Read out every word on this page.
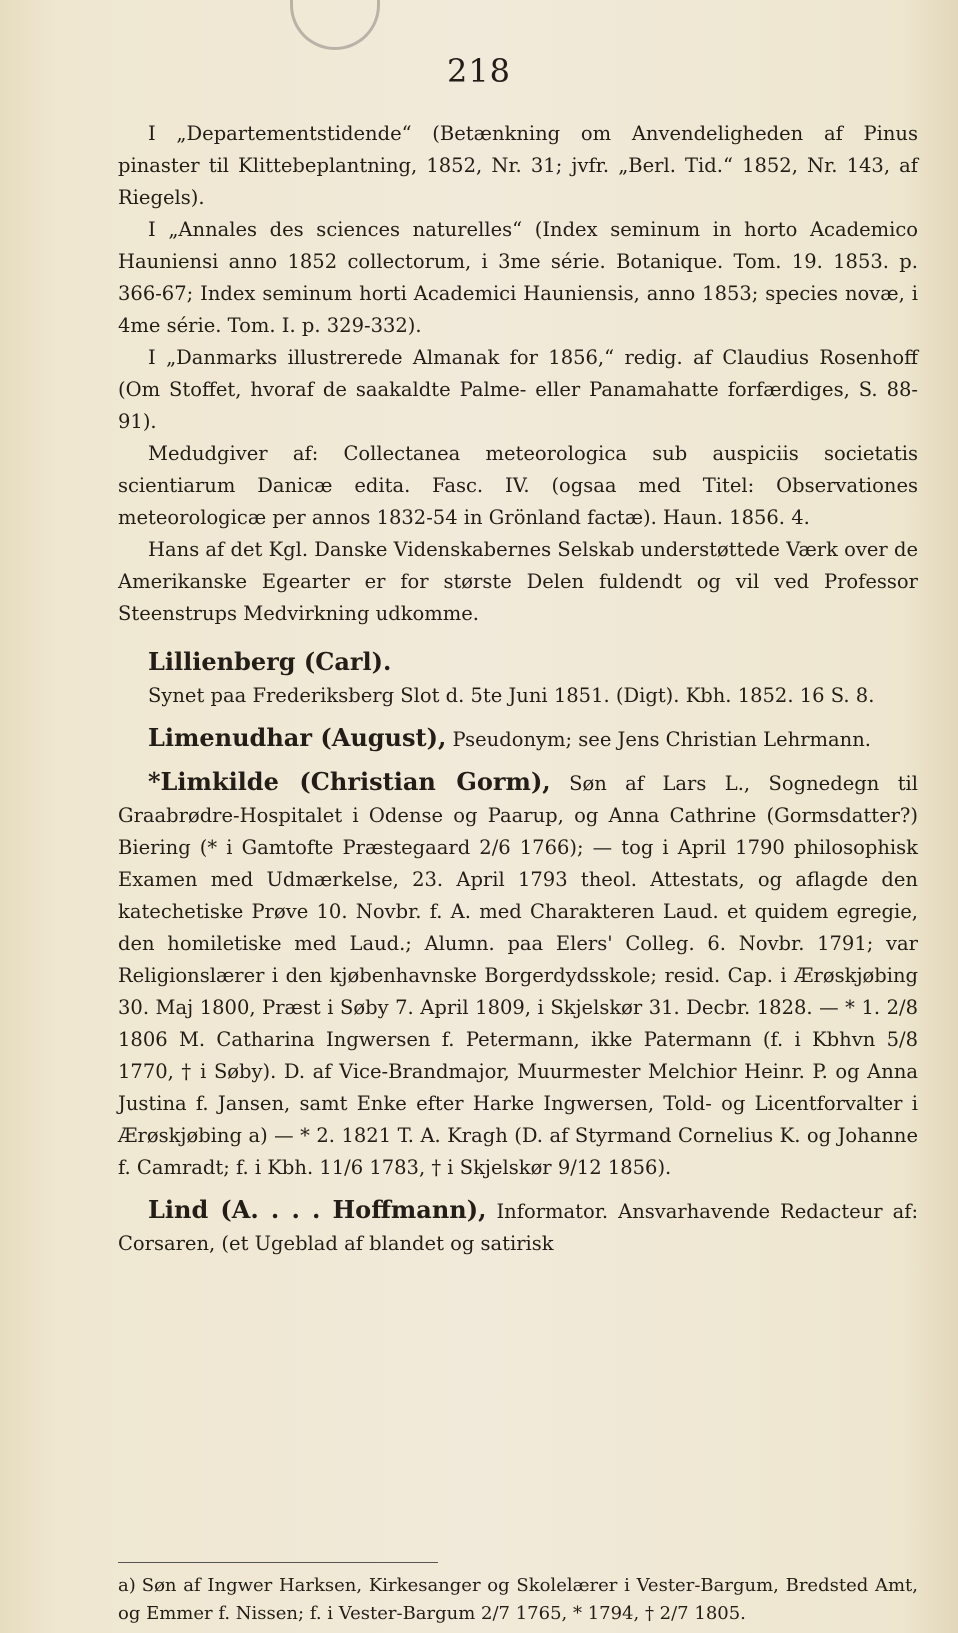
218

I „Departementstidende“ (Betænkning om Anvendeligheden af Pinus pinaster til Klittebeplantning, 1852, Nr. 31; jvfr. „Berl. Tid.“ 1852, Nr. 143, af Riegels).

I „Annales des sciences naturelles“ (Index seminum in horto Academico Hauniensi anno 1852 collectorum, i 3me série. Botanique. Tom. 19. 1853. p. 366-67; Index seminum horti Academici Hauniensis, anno 1853; species novæ, i 4me série. Tom. I. p. 329-332).

I „Danmarks illustrerede Almanak for 1856,“ redig. af Claudius Rosenhoff (Om Stoffet, hvoraf de saakaldte Palme- eller Panamahatte forfærdiges, S. 88-91).

Medudgiver af: Collectanea meteorologica sub auspiciis societatis scientiarum Danicæ edita. Fasc. IV. (ogsaa med Titel: Observationes meteorologicæ per annos 1832-54 in Grönland factæ). Haun. 1856. 4.

Hans af det Kgl. Danske Videnskabernes Selskab understøttede Værk over de Amerikanske Egearter er for største Delen fuldendt og vil ved Professor Steenstrups Medvirkning udkomme.

Lillienberg (Carl).

Synet paa Frederiksberg Slot d. 5te Juni 1851. (Digt). Kbh. 1852. 16 S. 8.

Limenudhar (August), Pseudonym; see Jens Christian Lehrmann.

*Limkilde (Christian Gorm), Søn af Lars L., Sognedegn til Graabrødre-Hospitalet i Odense og Paarup, og Anna Cathrine (Gormsdatter?) Biering (* i Gamtofte Præstegaard 2/6 1766); — tog i April 1790 philosophisk Examen med Udmærkelse, 23. April 1793 theol. Attestats, og aflagde den katechetiske Prøve 10. Novbr. f. A. med Charakteren Laud. et quidem egregie, den homiletiske med Laud.; Alumn. paa Elers' Colleg. 6. Novbr. 1791; var Religionslærer i den kjøbenhavnske Borgerdydsskole; resid. Cap. i Ærøskjøbing 30. Maj 1800, Præst i Søby 7. April 1809, i Skjelskør 31. Decbr. 1828. — * 1. 2/8 1806 M. Catharina Ingwersen f. Petermann, ikke Patermann (f. i Kbhvn 5/8 1770, † i Søby). D. af Vice-Brandmajor, Muurmester Melchior Heinr. P. og Anna Justina f. Jansen, samt Enke efter Harke Ingwersen, Told- og Licentforvalter i Ærøskjøbing a) — * 2. 1821 T. A. Kragh (D. af Styrmand Cornelius K. og Johanne f. Camradt; f. i Kbh. 11/6 1783, † i Skjelskør 9/12 1856).

Lind (A. . . . Hoffmann), Informator. Ansvarhavende Redacteur af: Corsaren, (et Ugeblad af blandet og satirisk

a) Søn af Ingwer Harksen, Kirkesanger og Skolelærer i Vester-Bargum, Bredsted Amt, og Emmer f. Nissen; f. i Vester-Bargum 2/7 1765, * 1794, † 2/7 1805.
